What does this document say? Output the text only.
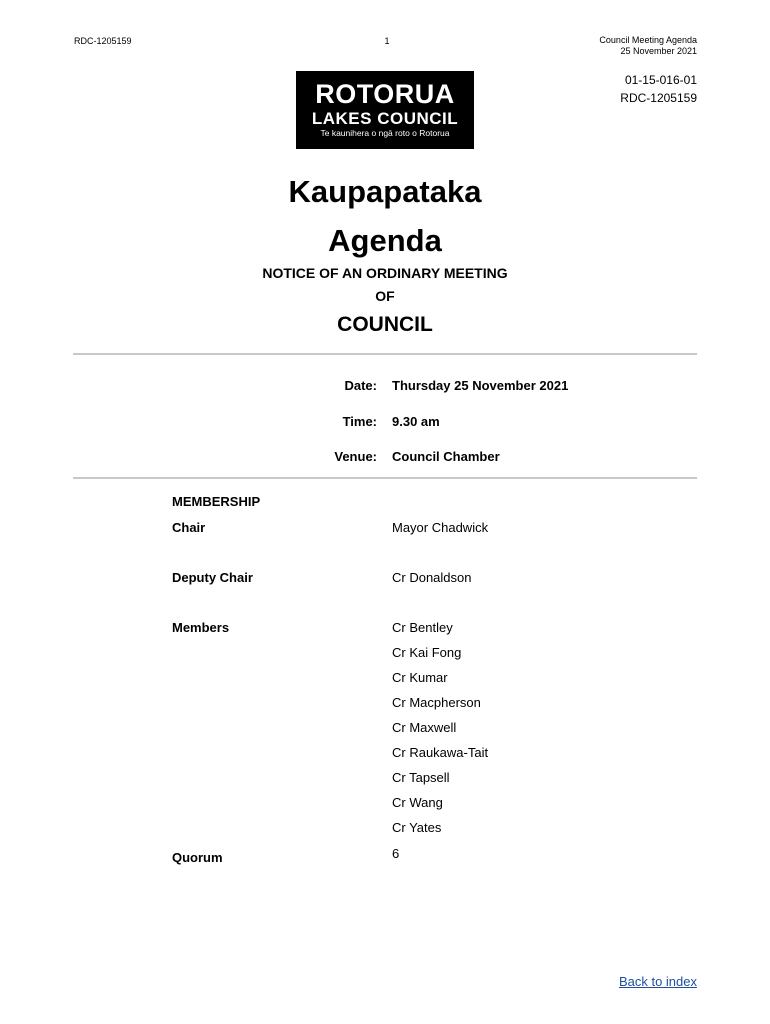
RDC-1205159	1	Council Meeting Agenda
25 November 2021
01-15-016-01
RDC-1205159
ROTORUA
LAKES COUNCIL
Te kaunihera o ngā roto o Rotorua
Kaupapataka
Agenda
NOTICE OF AN ORDINARY MEETING
OF
COUNCIL
Date: Thursday 25 November 2021
Time: 9.30 am
Venue: Council Chamber
MEMBERSHIP
Chair	Mayor Chadwick
Deputy Chair	Cr Donaldson
Members	Cr Bentley
Cr Kai Fong
Cr Kumar
Cr Macpherson
Cr Maxwell
Cr Raukawa-Tait
Cr Tapsell
Cr Wang
Cr Yates
Quorum	6
Back to index
